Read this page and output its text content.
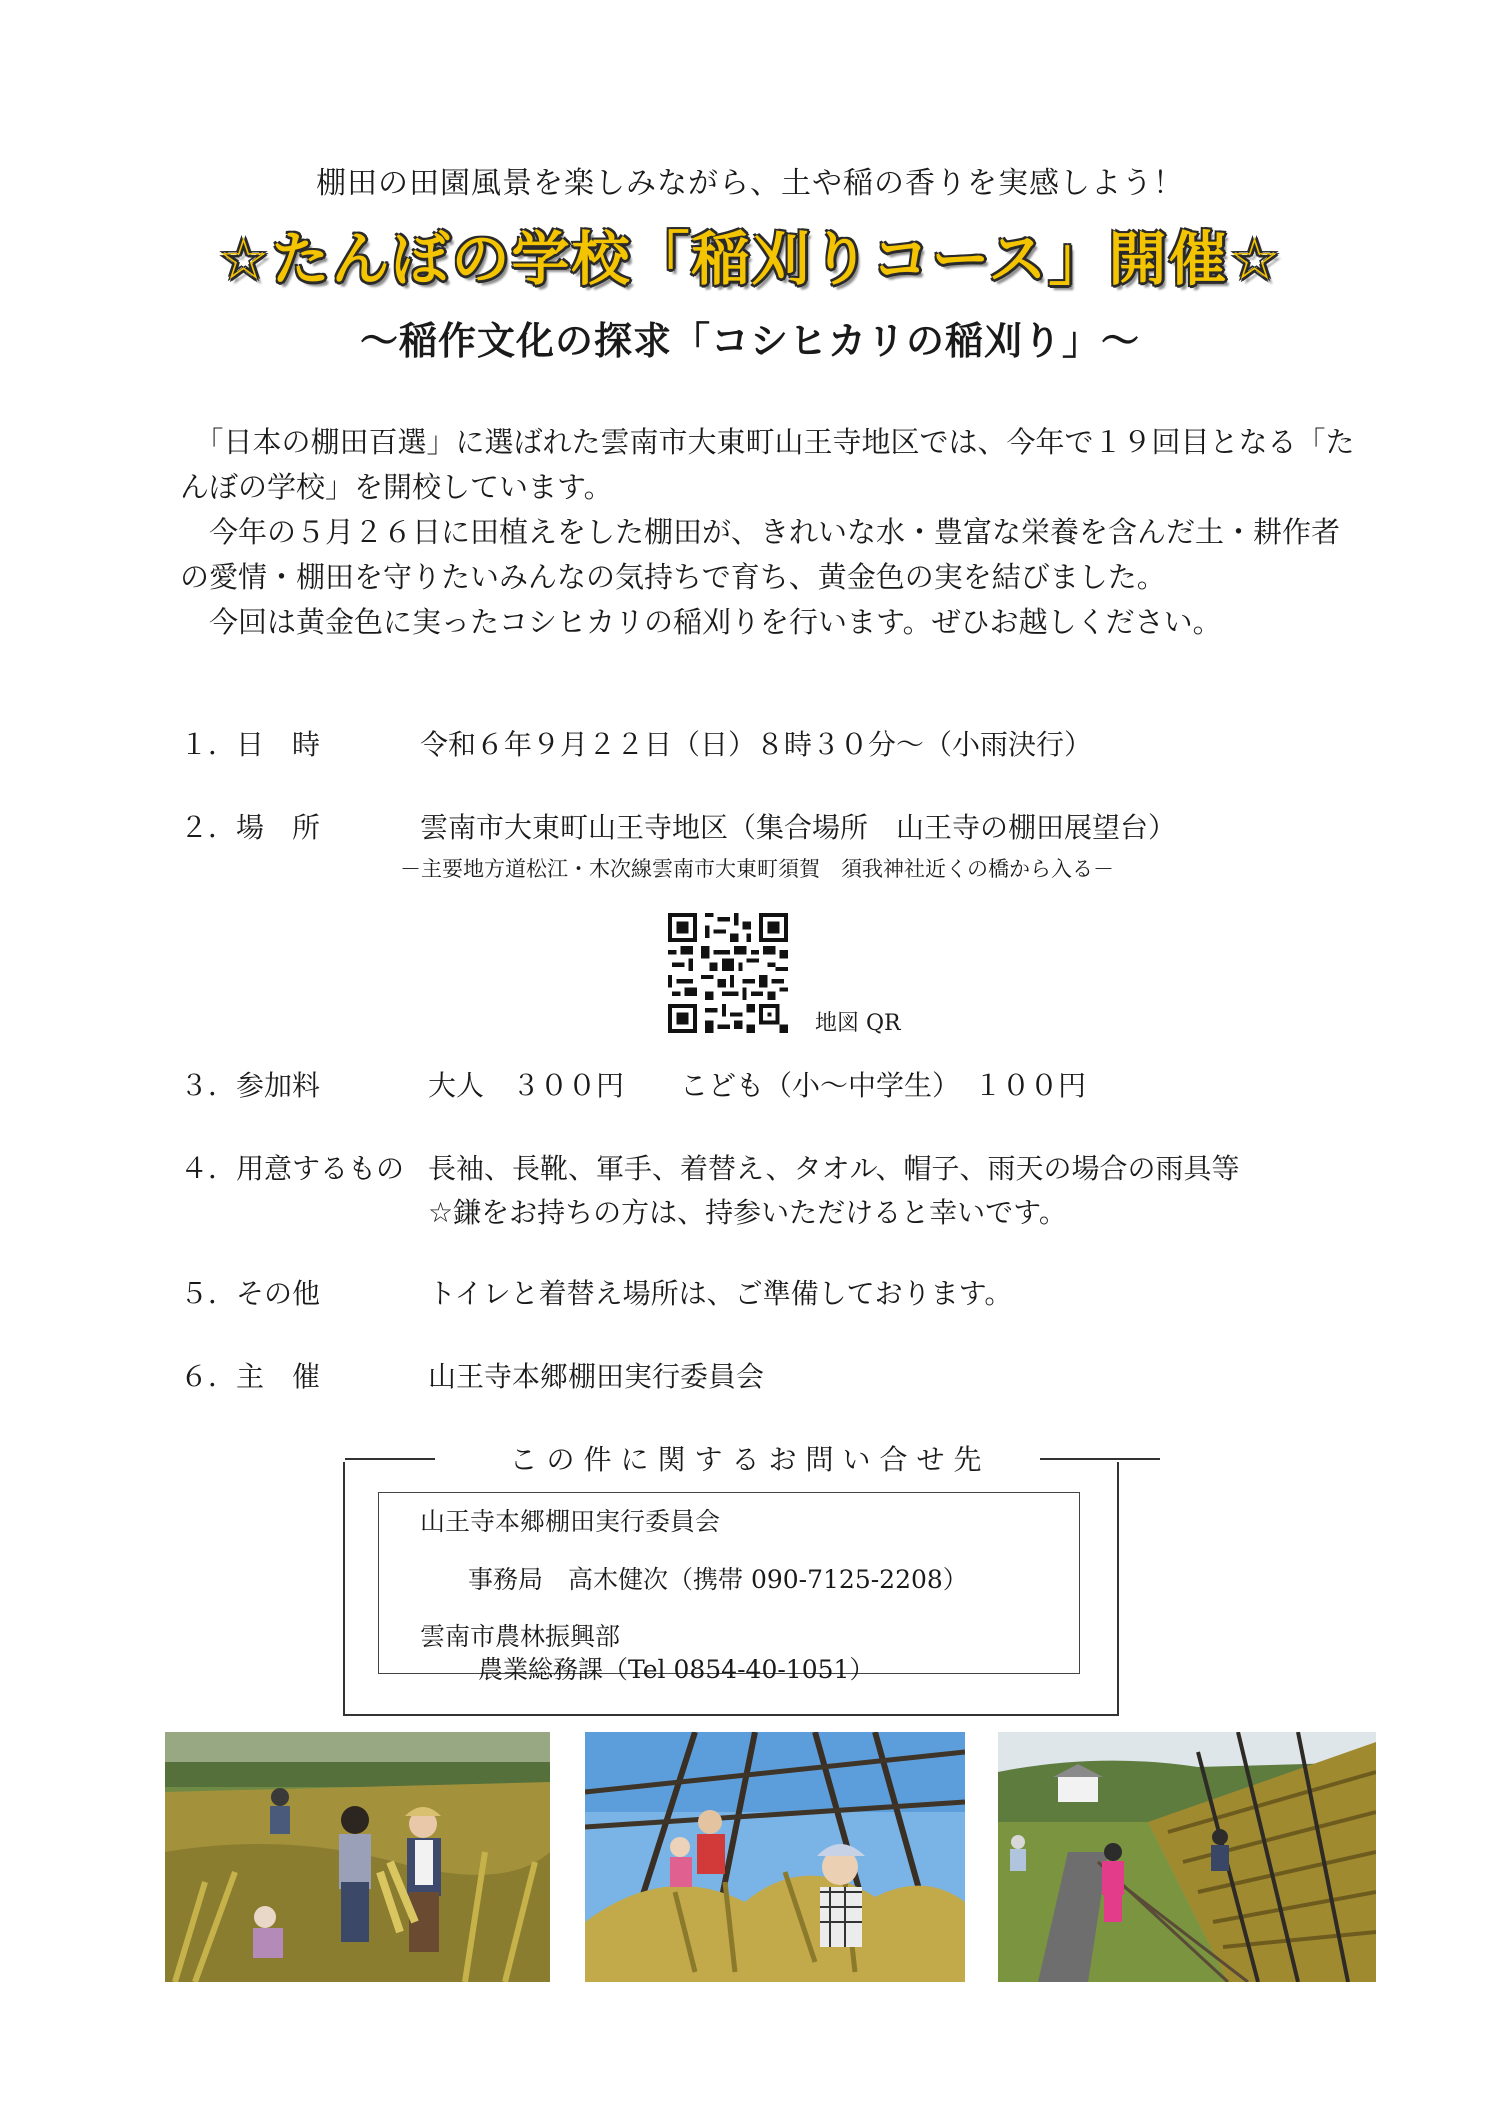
棚田の田園風景を楽しみながら、土や稲の香りを実感しよう！
☆たんぼの学校「稲刈りコース」開催☆
～稲作文化の探求「コシヒカリの稲刈り」～

　「日本の棚田百選」に選ばれた雲南市大東町山王寺地区では、今年で１９回目となる「たんぼの学校」を開校しています。

　今年の５月２６日に田植えをした棚田が、きれいな水・豊富な栄養を含んだ土・耕作者の愛情・棚田を守りたいみんなの気持ちで育ち、黄金色の実を結びました。

　今回は黄金色に実ったコシヒカリの稲刈りを行います。ぜひお越しください。

１．日　時	令和６年９月２２日（日）８時３０分～（小雨決行）
２．場　所	雲南市大東町山王寺地区（集合場所　山王寺の棚田展望台）
－主要地方道松江・木次線雲南市大東町須賀　須我神社近くの橋から入る－
地図 QR
３．参加料	大人　３００円　　こども（小～中学生）　１００円
４．用意するもの 長袖、長靴、軍手、着替え、タオル、帽子、雨天の場合の雨具等
☆鎌をお持ちの方は、持参いただけると幸いです。
５．その他	トイレと着替え場所は、ご準備しております。
６．主　催	山王寺本郷棚田実行委員会
この件に関するお問い合せ先
山王寺本郷棚田実行委員会
事務局　高木健次（携帯 090-7125-2208）
雲南市農林振興部
農業総務課（Tel 0854-40-1051）
